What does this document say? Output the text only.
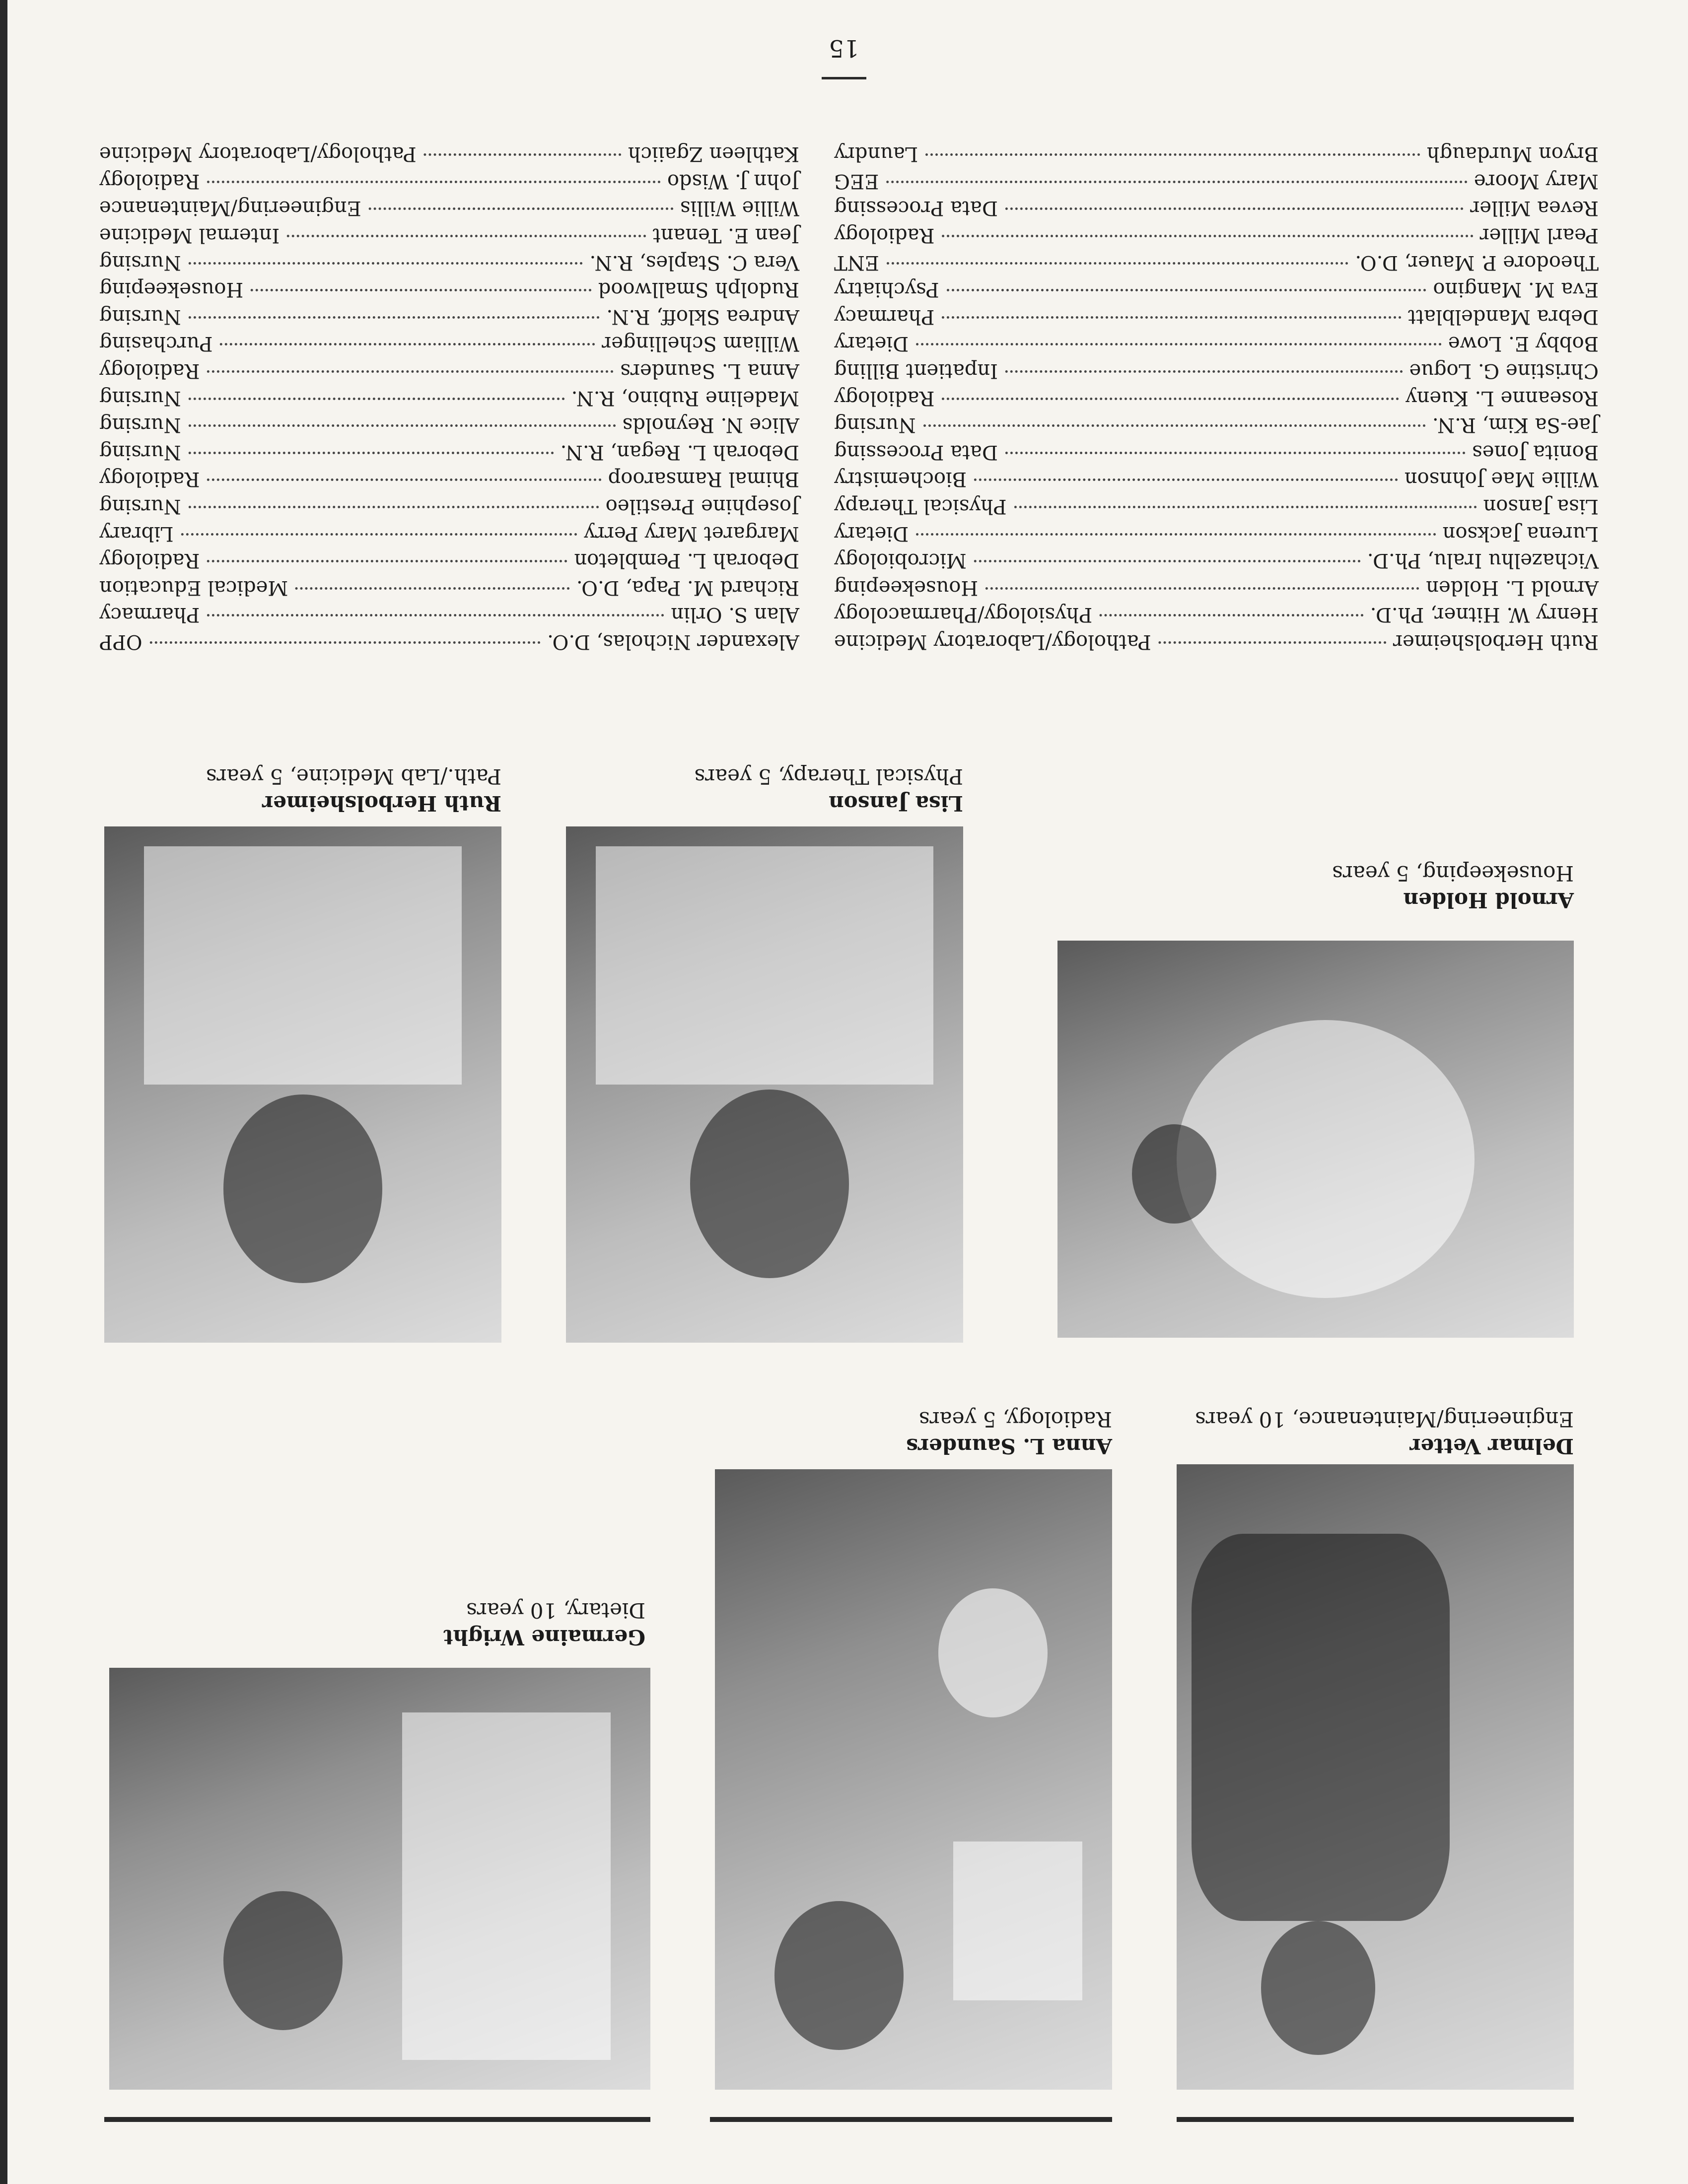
Germaine Wright
Dietary, 10 years
Anna L. Saunders
Radiology, 5 years
Delmar Vetter
Engineering/Maintenance, 10 years
Ruth Herbolsheimer
Path./Lab Medicine, 5 years
Lisa Janson
Physical Therapy, 5 years
Arnold Holden
Housekeeping, 5 years
Ruth Herbolsheimer
Pathology/Laboratory Medicine
Henry W. Hitner, Ph.D.
Physiology/Pharmacology
Arnold L. Holden
Housekeeping
Vichazelhu Iralu, Ph.D.
Microbiology
Lurena Jackson
Dietary
Lisa Janson
Physical Therapy
Willie Mae Johnson
Biochemistry
Bonita Jones
Data Processing
Jae-Sa Kim, R.N.
Nursing
Roseanne L. Kueny
Radiology
Christine G. Logue
Inpatient Billing
Bobby E. Lowe
Dietary
Debra Mandelblatt
Pharmacy
Eva M. Mangino
Psychiatry
Theodore P. Mauer, D.O.
ENT
Pearl Miller
Radiology
Revea Miller
Data Processing
Mary Moore
EEG
Bryon Murdaugh
Laundry
Alexander Nicholas, D.O.
OPP
Alan S. Orlin
Pharmacy
Richard M. Papa, D.O.
Medical Education
Deborah L. Pembleton
Radiology
Margaret Mary Perry
Library
Josephine Prestileo
Nursing
Bhimal Ramsaroop
Radiology
Deborah L. Regan, R.N.
Nursing
Alice N. Reynolds
Nursing
Madeline Rubino, R.N.
Nursing
Anna L. Saunders
Radiology
William Schellinger
Purchasing
Andrea Skloff, R.N.
Nursing
Rudolph Smallwood
Housekeeping
Vera C. Staples, R.N.
Nursing
Jean E. Tenant
Internal Medicine
Willie Willis
Engineering/Maintenance
John J. Wisdo
Radiology
Kathleen Zgaiich
Pathology/Laboratory Medicine
15
